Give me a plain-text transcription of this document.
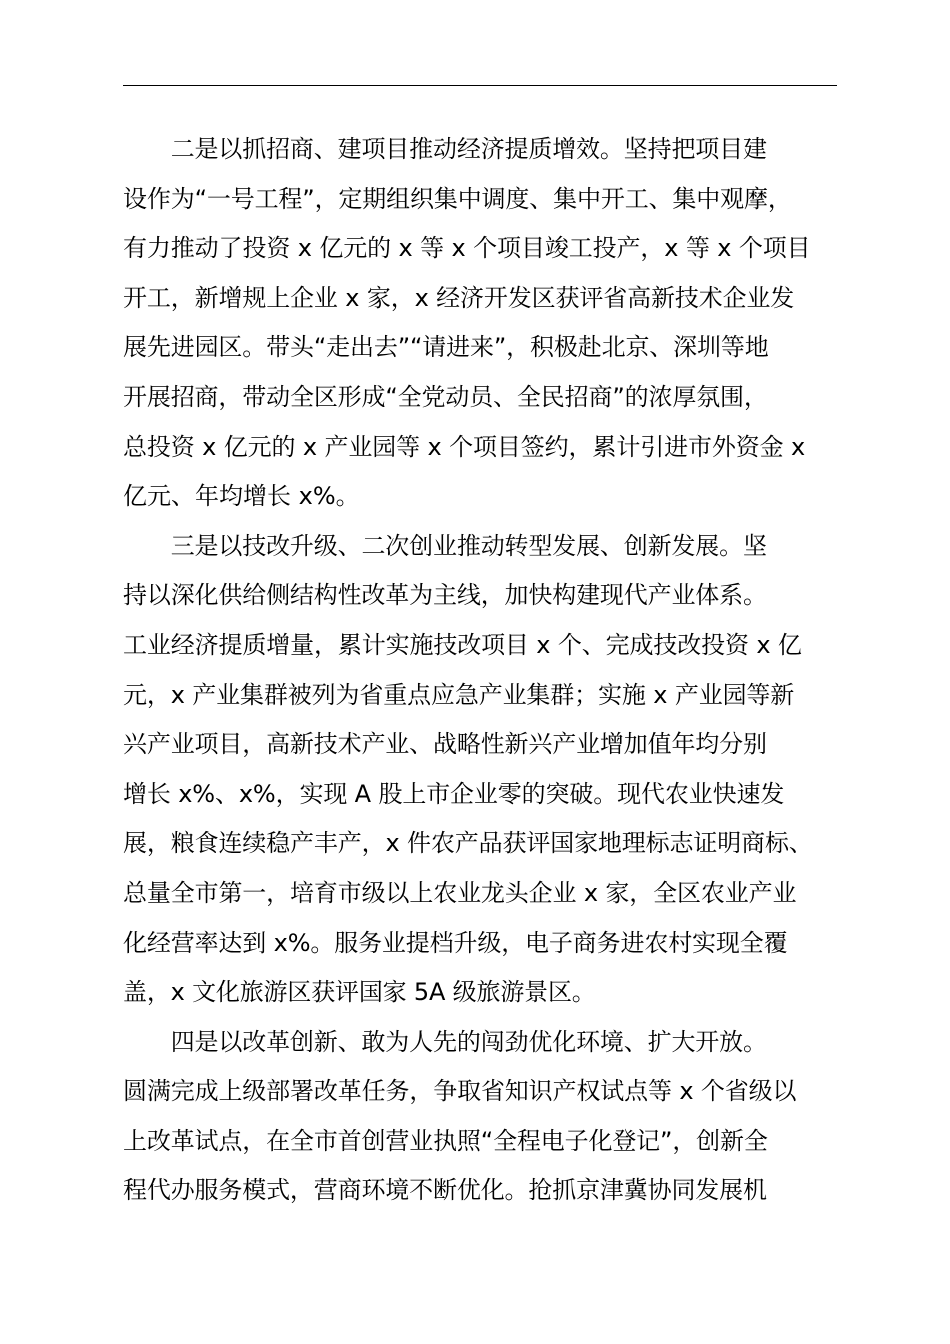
　　二是以抓招商、建项目推动经济提质增效。坚持把项目建
设作为“一号工程”，定期组织集中调度、集中开工、集中观摩，
有力推动了投资 x 亿元的 x 等 x 个项目竣工投产，x 等 x 个项目
开工，新增规上企业 x 家，x 经济开发区获评省高新技术企业发
展先进园区。带头“走出去”“请进来”，积极赴北京、深圳等地
开展招商，带动全区形成“全党动员、全民招商”的浓厚氛围，
总投资 x 亿元的 x 产业园等 x 个项目签约，累计引进市外资金 x
亿元、年均增长 x%。
　　三是以技改升级、二次创业推动转型发展、创新发展。坚
持以深化供给侧结构性改革为主线，加快构建现代产业体系。
工业经济提质增量，累计实施技改项目 x 个、完成技改投资 x 亿
元，x 产业集群被列为省重点应急产业集群；实施 x 产业园等新
兴产业项目，高新技术产业、战略性新兴产业增加值年均分别
增长 x%、x%，实现 A 股上市企业零的突破。现代农业快速发
展，粮食连续稳产丰产，x 件农产品获评国家地理标志证明商标、
总量全市第一，培育市级以上农业龙头企业 x 家，全区农业产业
化经营率达到 x%。服务业提档升级，电子商务进农村实现全覆
盖，x 文化旅游区获评国家 5A 级旅游景区。
　　四是以改革创新、敢为人先的闯劲优化环境、扩大开放。
圆满完成上级部署改革任务，争取省知识产权试点等 x 个省级以
上改革试点，在全市首创营业执照“全程电子化登记”，创新全
程代办服务模式，营商环境不断优化。抢抓京津冀协同发展机
